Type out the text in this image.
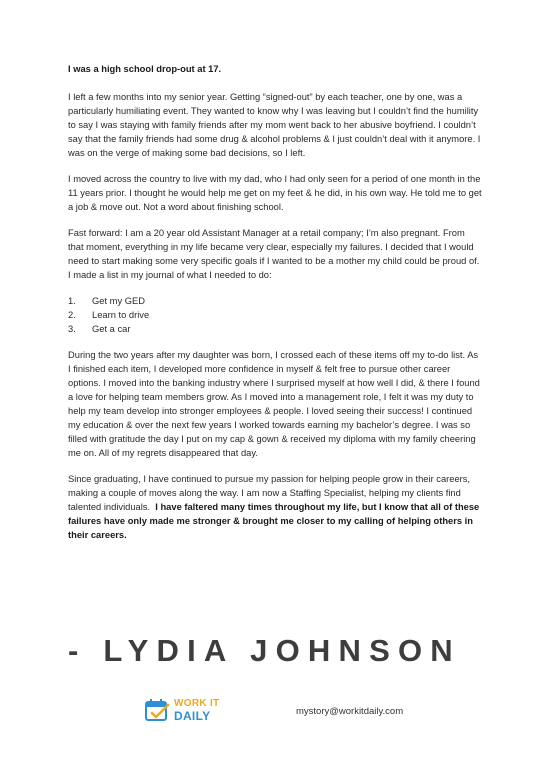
I was a high school drop-out at 17.

I left a few months into my senior year. Getting “signed-out” by each teacher, one by one, was a particularly humiliating event. They wanted to know why I was leaving but I couldn’t find the humility to say I was staying with family friends after my mom went back to her abusive boyfriend. I couldn’t say that the family friends had some drug & alcohol problems & I just couldn’t deal with it anymore. I was on the verge of making some bad decisions, so I left.

I moved across the country to live with my dad, who I had only seen for a period of one month in the 11 years prior. I thought he would help me get on my feet & he did, in his own way. He told me to get a job & move out. Not a word about finishing school.

Fast forward: I am a 20 year old Assistant Manager at a retail company; I’m also pregnant. From that moment, everything in my life became very clear, especially my failures. I decided that I would need to start making some very specific goals if I wanted to be a mother my child could be proud of. I made a list in my journal of what I needed to do:

1.	Get my GED
2.	Learn to drive
3.	Get a car

During the two years after my daughter was born, I crossed each of these items off my to-do list. As I finished each item, I developed more confidence in myself & felt free to pursue other career options. I moved into the banking industry where I surprised myself at how well I did, & there I found a love for helping team members grow. As I moved into a management role, I felt it was my duty to help my team develop into stronger employees & people. I loved seeing their success! I continued my education & over the next few years I worked towards earning my bachelor’s degree. I was so filled with gratitude the day I put on my cap & gown & received my diploma with my family cheering me on. All of my regrets disappeared that day.

Since graduating, I have continued to pursue my passion for helping people grow in their careers, making a couple of moves along the way. I am now a Staffing Specialist, helping my clients find talented individuals. I have faltered many times throughout my life, but I know that all of these failures have only made me stronger & brought me closer to my calling of helping others in their careers.

- LYDIA JOHNSON
WORK IT
DAILY	mystory@workitdaily.com
